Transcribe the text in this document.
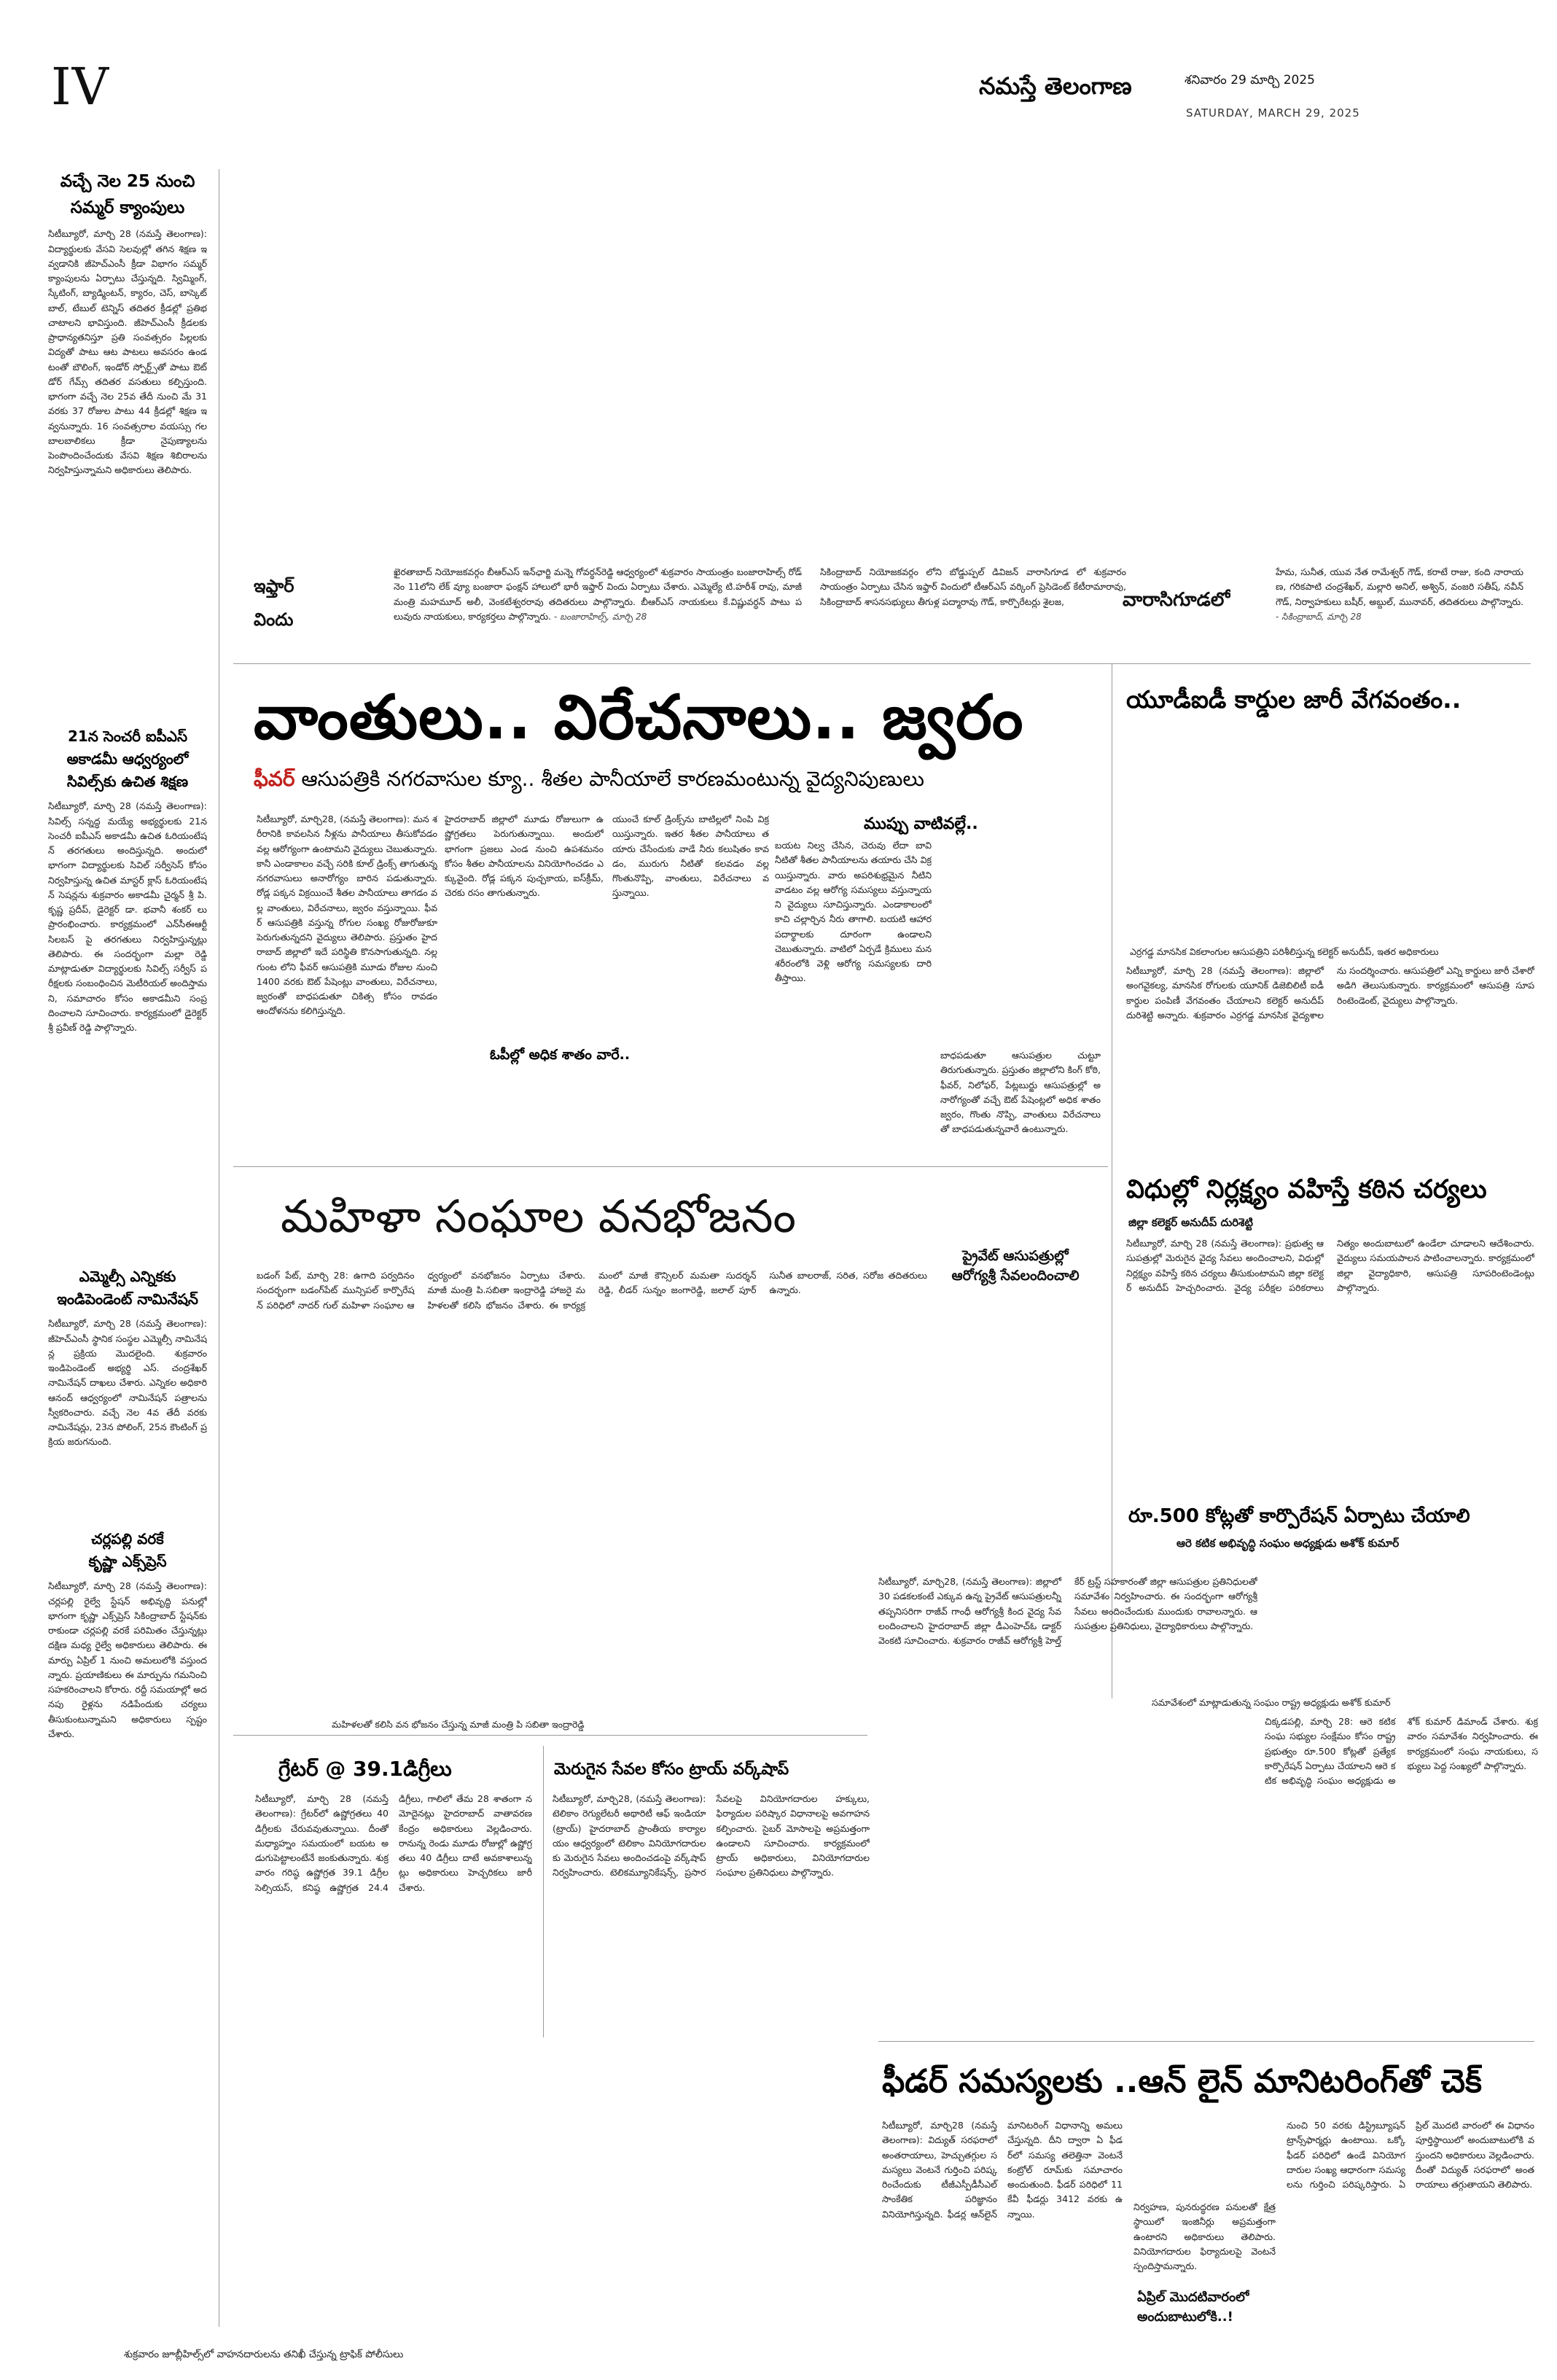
IV	నమస్తే తెలంగాణ	శనివారం 29 మార్చి 2025
SATURDAY, MARCH 29, 2025
వచ్చే నెల 25 నుంచి
సమ్మర్ క్యాంపులు
సిటీబ్యూరో, మార్చి 28 (నమస్తే తెలంగాణ): విద్యార్థులకు వేసవి సెలవుల్లో తగిన శిక్షణ ఇవ్వడానికి జీహెచ్ఎంసీ క్రీడా విభాగం సమ్మర్ క్యాంపులను ఏర్పాటు చేస్తున్నది. స్విమ్మింగ్, స్కేటింగ్, బ్యాడ్మింటన్, క్యారం, చెస్, బాస్కెట్ బాల్, టేబుల్ టెన్నిస్ తదితర క్రీడల్లో ప్రతిభ చాటాలని భావిస్తుంది. జీహెచ్ఎంసీ క్రీడలకు ప్రాధాన్యతనిస్తూ ప్రతి సంవత్సరం పిల్లలకు విద్యతో పాటు ఆట పాటలు అవసరం ఉండటంతో బౌలింగ్, ఇండోర్ స్పోర్ట్స్‌తో పాటు ఔట్ డోర్ గేమ్స్ తదితర వసతులు కల్పిస్తుంది. భాగంగా వచ్చే నెల 25వ తేదీ నుంచి మే 31 వరకు 37 రోజుల పాటు 44 క్రీడల్లో శిక్షణ ఇవ్వనున్నారు. 16 సంవత్సరాల వయస్సు గల బాలబాలికలు క్రీడా నైపుణ్యాలను పెంపొందించేందుకు వేసవి శిక్షణ శిబిరాలను నిర్వహిస్తున్నామని అధికారులు తెలిపారు.
21న సెంచరీ ఐపీఎస్
అకాడమీ ఆధ్వర్యంలో
సివిల్స్‌కు ఉచిత శిక్షణ
సిటీబ్యూరో, మార్చి 28 (నమస్తే తెలంగాణ): సివిల్స్ సన్నద్ధ మయ్యే అభ్యర్థులకు 21న సెంచరీ ఐపీఎస్ అకాడమీ ఉచిత ఓరియంటేషన్ తరగతులు అందిస్తున్నది. అందులో భాగంగా విద్యార్థులకు సివిల్ సర్వీసెస్ కోసం నిర్వహిస్తున్న ఉచిత మాస్టర్ క్లాస్ ఓరియంటేషన్ సెషన్లను శుక్రవారం అకాడమీ చైర్మన్ శ్రీ పి. కృష్ణ ప్రదీప్, డైరెక్టర్ డా. భవానీ శంకర్ లు ప్రారంభించారు. కార్యక్రమంలో ఎన్‌సీఈఆర్టీ సిలబస్ పై తరగతులు నిర్వహిస్తున్నట్లు తెలిపారు. ఈ సందర్భంగా మల్లా రెడ్డి మాట్లాడుతూ విద్యార్థులకు సివిల్స్ సర్వీస్ పరీక్షలకు సంబంధించిన మెటీరియల్ అందిస్తామని, సమాచారం కోసం అకాడమీని సంప్రదించాలని సూచించారు. కార్యక్రమంలో డైరెక్టర్ శ్రీ ప్రవీణ్ రెడ్డి పాల్గొన్నారు.
ఎమ్మెల్సీ ఎన్నికకు
ఇండిపెండెంట్ నామినేషన్
సిటీబ్యూరో, మార్చి 28 (నమస్తే తెలంగాణ): జీహెచ్ఎంసీ స్థానిక సంస్థల ఎమ్మెల్సీ నామినేషన్ల ప్రక్రియ మొదలైంది. శుక్రవారం ఇండిపెండెంట్ అభ్యర్థి ఎస్. చంద్రశేఖర్ నామినేషన్ దాఖలు చేశారు. ఎన్నికల అధికారి ఆనంద్ ఆధ్వర్యంలో నామినేషన్ పత్రాలను స్వీకరించారు. వచ్చే నెల 4వ తేదీ వరకు నామినేషన్లు, 23న పోలింగ్, 25న కౌంటింగ్ ప్రక్రియ జరుగనుంది.
చర్లపల్లి వరకే
కృష్ణా ఎక్స్‌ప్రెస్
సిటీబ్యూరో, మార్చి 28 (నమస్తే తెలంగాణ): చర్లపల్లి రైల్వే స్టేషన్ అభివృద్ధి పనుల్లో భాగంగా కృష్ణా ఎక్స్‌ప్రెస్ సికింద్రాబాద్ స్టేషన్‌కు రాకుండా చర్లపల్లి వరకే పరిమితం చేస్తున్నట్లు దక్షిణ మధ్య రైల్వే అధికారులు తెలిపారు. ఈ మార్పు ఏప్రిల్ 1 నుంచి అమలులోకి వస్తుందన్నారు. ప్రయాణికులు ఈ మార్పును గమనించి సహకరించాలని కోరారు. రద్దీ సమయాల్లో అదనపు రైళ్లను నడిపేందుకు చర్యలు తీసుకుంటున్నామని అధికారులు స్పష్టం చేశారు.
ఇఫ్తార్
విందు
ఖైరతాబాద్ నియోజకవర్గం బీఆర్ఎస్ ఇన్‌ఛార్జి మన్నె గోవర్ధన్‌రెడ్డి ఆధ్వర్యంలో శుక్రవారం సాయంత్రం బంజారాహిల్స్ రోడ్ నెం 11లోని లేక్ వ్యూ బంజారా ఫంక్షన్ హాలులో భారీ ఇఫ్తార్ విందు ఏర్పాటు చేశారు. ఎమ్మెల్యే టి.హరీశ్ రావు, మాజీ మంత్రి మహమూద్ అలీ, వెంకటేశ్వరరావు తదితరులు పాల్గొన్నారు. బీఆర్ఎస్ నాయకులు కే.విష్ణువర్ధన్ పాటు పలువురు నాయకులు, కార్యకర్తలు పాల్గొన్నారు. - బంజారాహిల్స్, మార్చి 28
సికింద్రాబాద్ నియోజకవర్గం లోని బోడ్డుప్పల్ డివిజన్ వారాసిగూడ లో శుక్రవారం సాయంత్రం ఏర్పాటు చేసిన ఇఫ్తార్ విందులో టీఆర్ఎస్ వర్కింగ్ ప్రెసిడెంట్ కేటీరామారావు, సికింద్రాబాద్ శాసనసభ్యులు తీగుళ్ల పద్మారావు గౌడ్, కార్పొరేటర్లు శైలజ,	వారాసిగూడలో
హేమ, సునీత, యువ నేత రామేశ్వర్ గౌడ్, కరాటే రాజు, కంది నారాయణ, గరికపాటి చంద్రశేఖర్, మల్లారి అనిల్, అశ్విన్, వంజరి సతీష్, నవీన్ గౌడ్, నిర్వాహకులు బషీర్, అబ్దుల్, మునావర్, తదితరులు పాల్గొన్నారు. - సికింద్రాబాద్, మార్చి 28
వాంతులు.. విరేచనాలు.. జ్వరం
ఫీవర్ ఆసుపత్రికి నగరవాసుల క్యూ.. శీతల పానీయాలే కారణమంటున్న వైద్యనిపుణులు
ముప్పు వాటివల్లే..
సిటీబ్యూరో, మార్చి28, (నమస్తే తెలంగాణ): మన శరీరానికి కావలసిన నీళ్లను పానీయాలు తీసుకోవడం వల్ల ఆరోగ్యంగా ఉంటామని వైద్యులు చెబుతున్నారు. కానీ ఎండాకాలం వచ్చే సరికి కూల్ డ్రింక్స్ తాగుతున్న నగరవాసులు అనారోగ్యం బారిన పడుతున్నారు. రోడ్ల పక్కన విక్రయించే శీతల పానీయాలు తాగడం వల్ల వాంతులు, విరేచనాలు, జ్వరం వస్తున్నాయి. ఫీవర్ ఆసుపత్రికి వస్తున్న రోగుల సంఖ్య రోజురోజుకూ పెరుగుతున్నదని వైద్యులు తెలిపారు. ప్రస్తుతం హైదరాబాద్ జిల్లాలో ఇదే పరిస్థితి కొనసాగుతున్నది. నల్లగుంట లోని ఫీవర్ ఆసుపత్రికి మూడు రోజుల నుంచి 1400 వరకు ఔట్ పేషెంట్లు వాంతులు, విరేచనాలు, జ్వరంతో బాధపడుతూ చికిత్స కోసం రావడం ఆందోళనను కలిగిస్తున్నది.
హైదరాబాద్ జిల్లాలో మూడు రోజులుగా ఉష్ణోగ్రతలు పెరుగుతున్నాయి. అందులో భాగంగా ప్రజలు ఎండ నుంచి ఉపశమనం కోసం శీతల పానీయాలను వినియోగించడం ఎక్కువైంది. రోడ్ల పక్కన పుచ్చకాయ, ఐస్‌క్రీమ్, చెరకు రసం తాగుతున్నారు.
ఓపీల్లో అధిక శాతం వారే..
యుంచే కూల్ డ్రింక్స్‌ను బాటిల్లలో నింపి విక్రయిస్తున్నారు. ఇతర శీతల పానీయాలు తయారు చేసేందుకు వాడే నీరు కలుషితం కావడం, మురుగు నీటితో కలవడం వల్ల గొంతునొప్పి, వాంతులు, విరేచనాలు వస్తున్నాయి.
బయట నిల్వ చేసిన, చెరువు లేదా బావి నీటితో శీతల పానీయాలను తయారు చేసి విక్రయిస్తున్నారు. వారు అపరిశుభ్రమైన నీటిని వాడటం వల్ల ఆరోగ్య సమస్యలు వస్తున్నాయని వైద్యులు సూచిస్తున్నారు. ఎండాకాలంలో కాచి చల్లార్చిన నీరు తాగాలి. బయటి ఆహార పదార్థాలకు దూరంగా ఉండాలని చెబుతున్నారు. వాటిలో ఏర్పడే క్రిములు మన శరీరంలోకి వెళ్లి ఆరోగ్య సమస్యలకు దారి తీస్తాయి.
బాధపడుతూ ఆసుపత్రుల చుట్టూ తిరుగుతున్నారు. ప్రస్తుతం జిల్లాలోని కింగ్ కోఠి, ఫీవర్, నిలోఫర్, పేట్లబుర్జు ఆసుపత్రుల్లో అనారోగ్యంతో వచ్చే ఔట్ పేషెంట్లలో అధిక శాతం జ్వరం, గొంతు నొప్పి, వాంతులు విరేచనాలు తో బాధపడుతున్నవారే ఉంటున్నారు.
మహిళా సంఘాల వనభోజనం
బడంగ్ పేట్, మార్చి 28: ఉగాది పర్వదినం సందర్భంగా బడంగ్‌పేట్ మున్సిపల్ కార్పొరేషన్ పరిధిలో నాదర్ గుల్ మహిళా సంఘాల ఆధ్వర్యంలో వనభోజనం ఏర్పాటు చేశారు. మాజీ మంత్రి పి.సబితా ఇంద్రారెడ్డి హాజరై మహిళలతో కలిసి భోజనం చేశారు. ఈ కార్యక్రమంలో మాజీ కౌన్సిలర్ మమతా సుదర్శన్ రెడ్డి, లీడర్ సున్నం జంగారెడ్డి, జలాల్ పూర్ సునీత బాలరాజ్, సరిత, సరోజ తదితరులు ఉన్నారు.
ప్రైవేట్ ఆసుపత్రుల్లో
ఆరోగ్యశ్రీ సేవలందించాలి
యూడీఐడీ కార్డుల జారీ వేగవంతం..
ఎర్రగడ్డ మానసిక వికలాంగుల ఆసుపత్రిని పరిశీలిస్తున్న కలెక్టర్ అనుదీప్, ఇతర అధికారులు
సిటీబ్యూరో, మార్చి 28 (నమస్తే తెలంగాణ): జిల్లాలో అంగవైకల్య, మానసిక రోగులకు యూనిక్ డిజెబిలిటీ ఐడీ కార్డుల పంపిణీ వేగవంతం చేయాలని కలెక్టర్ అనుదీప్ దురిశెట్టి అన్నారు. శుక్రవారం ఎర్రగడ్డ మానసిక వైద్యశాలను సందర్శించారు. ఆసుపత్రిలో ఎన్ని కార్డులు జారీ చేశారో అడిగి తెలుసుకున్నారు. కార్యక్రమంలో ఆసుపత్రి సూపరింటెండెంట్, వైద్యులు పాల్గొన్నారు.
విధుల్లో నిర్లక్ష్యం వహిస్తే కఠిన చర్యలు
జిల్లా కలెక్టర్ అనుదీప్ దురిశెట్టి
సిటీబ్యూరో, మార్చి 28 (నమస్తే తెలంగాణ): ప్రభుత్వ ఆసుపత్రుల్లో మెరుగైన వైద్య సేవలు అందించాలని, విధుల్లో నిర్లక్ష్యం వహిస్తే కఠిన చర్యలు తీసుకుంటామని జిల్లా కలెక్టర్ అనుదీప్ హెచ్చరించారు. వైద్య పరీక్షల పరికరాలు నిత్యం అందుబాటులో ఉండేలా చూడాలని ఆదేశించారు. వైద్యులు సమయపాలన పాటించాలన్నారు. కార్యక్రమంలో జిల్లా వైద్యాధికారి, ఆసుపత్రి సూపరింటెండెంట్లు పాల్గొన్నారు.
రూ.500 కోట్లతో కార్పొరేషన్ ఏర్పాటు చేయాలి
ఆరె కటిక అభివృద్ధి సంఘం అధ్యక్షుడు అశోక్ కుమార్
సిటీబ్యూరో, మార్చి28, (నమస్తే తెలంగాణ): జిల్లాలో 30 పడకలకంటే ఎక్కువ ఉన్న ప్రైవేట్ ఆసుపత్రులన్నీ తప్పనిసరిగా రాజీవ్ గాంధీ ఆరోగ్యశ్రీ కింద వైద్య సేవలందించాలని హైదరాబాద్ జిల్లా డీఎంహెచ్ఓ డాక్టర్ వెంకటి సూచించారు. శుక్రవారం రాజీవ్ ఆరోగ్యశ్రీ హెల్త్ కేర్ ట్రస్ట్ సహకారంతో జిల్లా ఆసుపత్రుల ప్రతినిధులతో సమావేశం నిర్వహించారు. ఈ సందర్భంగా ఆరోగ్యశ్రీ సేవలు అందించేందుకు ముందుకు రావాలన్నారు. ఆసుపత్రుల ప్రతినిధులు, వైద్యాధికారులు పాల్గొన్నారు.
సమావేశంలో మాట్లాడుతున్న సంఘం రాష్ట్ర అధ్యక్షుడు అశోక్ కుమార్
చిక్కడపల్లి, మార్చి 28: ఆరె కటిక సంఘ సభ్యుల సంక్షేమం కోసం రాష్ట్ర ప్రభుత్వం రూ.500 కోట్లతో ప్రత్యేక కార్పొరేషన్ ఏర్పాటు చేయాలని ఆరె కటిక అభివృద్ధి సంఘం అధ్యక్షుడు అశోక్ కుమార్ డిమాండ్ చేశారు. శుక్రవారం సమావేశం నిర్వహించారు. ఈ కార్యక్రమంలో సంఘ నాయకులు, సభ్యులు పెద్ద సంఖ్యలో పాల్గొన్నారు.
మహిళలతో కలిసి వన భోజనం చేస్తున్న మాజీ మంత్రి పి సబితా ఇంద్రారెడ్డి
గ్రేటర్ @ 39.1డిగ్రీలు
సిటీబ్యూరో, మార్చి 28 (నమస్తే తెలంగాణ): గ్రేటర్‌లో ఉష్ణోగ్రతలు 40 డిగ్రీలకు చేరువవుతున్నాయి. దీంతో మధ్యాహ్నం సమయంలో బయట అడుగుపెట్టాలంటేనే జంకుతున్నారు. శుక్రవారం గరిష్ఠ ఉష్ణోగ్రత 39.1 డిగ్రీల సెల్సియస్, కనిష్ఠ ఉష్ణోగ్రత 24.4 డిగ్రీలు, గాలిలో తేమ 28 శాతంగా నమోదైనట్లు హైదరాబాద్ వాతావరణ కేంద్రం అధికారులు వెల్లడించారు. రానున్న రెండు మూడు రోజుల్లో ఉష్ణోగ్రతలు 40 డిగ్రీలు దాటే అవకాశాలున్నట్లు అధికారులు హెచ్చరికలు జారీ చేశారు.
మెరుగైన సేవల కోసం ట్రాయ్ వర్క్‌షాప్
సిటీబ్యూరో, మార్చి28, (నమస్తే తెలంగాణ): టెలికాం రెగ్యులేటరీ అథారిటీ ఆఫ్ ఇండియా (ట్రాయ్) హైదరాబాద్ ప్రాంతీయ కార్యాలయం ఆధ్వర్యంలో టెలికాం వినియోగదారులకు మెరుగైన సేవలు అందించడంపై వర్క్‌షాప్ నిర్వహించారు. టెలికమ్యూనికేషన్స్, ప్రసార సేవలపై వినియోగదారుల హక్కులు, ఫిర్యాదుల పరిష్కార విధానాలపై అవగాహన కల్పించారు. సైబర్ మోసాలపై అప్రమత్తంగా ఉండాలని సూచించారు. కార్యక్రమంలో ట్రాయ్ అధికారులు, వినియోగదారుల సంఘాల ప్రతినిధులు పాల్గొన్నారు.
ఫీడర్ సమస్యలకు ..ఆన్ లైన్ మానిటరింగ్‌తో చెక్
సిటీబ్యూరో, మార్చి28 (నమస్తే తెలంగాణ): విద్యుత్ సరఫరాలో అంతరాయాలు, హెచ్చుతగ్గుల సమస్యలు వెంటనే గుర్తించి పరిష్కరించేందుకు టీజీఎస్పీడీసీఎల్ సాంకేతిక పరిజ్ఞానం వినియోగిస్తున్నది. ఫీడర్ల ఆన్‌లైన్ మానిటరింగ్ విధానాన్ని అమలు చేస్తున్నది. దీని ద్వారా ఏ ఫీడర్‌లో సమస్య తలెత్తినా వెంటనే కంట్రోల్ రూమ్‌కు సమాచారం అందుతుంది. ఫీడర్ పరిధిలో 11కేవీ ఫీడర్లు 3412 వరకు ఉన్నాయి.
నిర్వహణ, పునరుద్ధరణ పనులతో క్షేత్రస్థాయిలో ఇంజినీర్లు అప్రమత్తంగా ఉంటారని అధికారులు తెలిపారు. వినియోగదారుల ఫిర్యాదులపై వెంటనే స్పందిస్తామన్నారు.
ఏప్రిల్ మొదటివారంలో
అందుబాటులోకి..!
నుంచి 50 వరకు డిస్ట్రిబ్యూషన్ ట్రాన్స్‌ఫార్మర్లు ఉంటాయి. ఒక్కో ఫీడర్ పరిధిలో ఉండే వినియోగదారుల సంఖ్య ఆధారంగా సమస్యలను గుర్తించి పరిష్కరిస్తారు. ఏప్రిల్ మొదటి వారంలో ఈ విధానం పూర్తిస్థాయిలో అందుబాటులోకి వస్తుందని అధికారులు వెల్లడించారు. దీంతో విద్యుత్ సరఫరాలో అంతరాయాలు తగ్గుతాయని తెలిపారు.
శుక్రవారం జూబ్లీహిల్స్‌లో వాహనదారులను తనిఖీ చేస్తున్న ట్రాఫిక్ పోలీసులు
